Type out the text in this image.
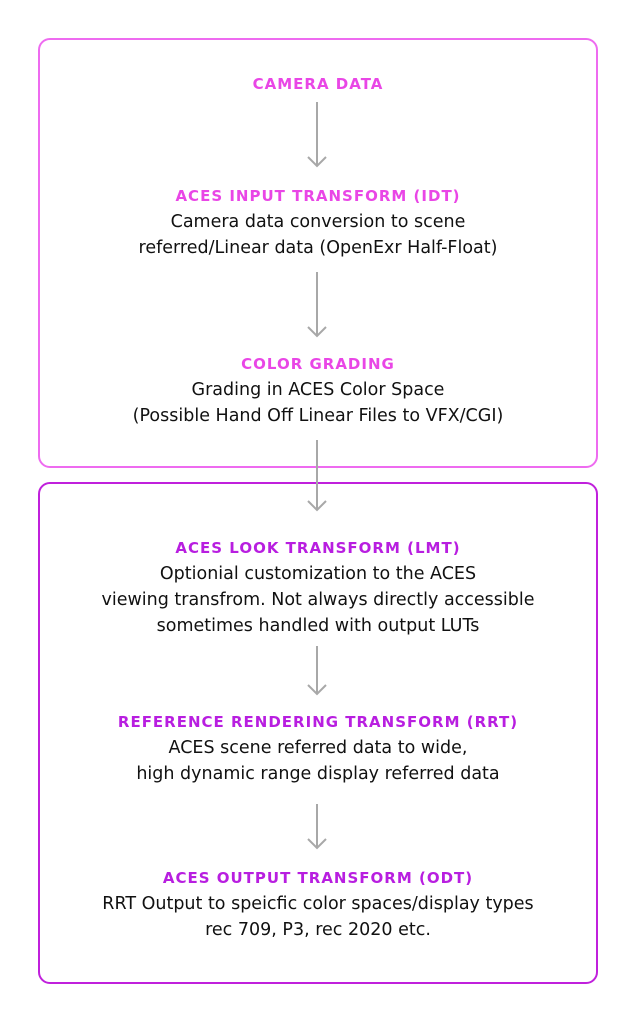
CAMERA DATA
ACES INPUT TRANSFORM (IDT)
Camera data conversion to scene
referred/Linear data (OpenExr Half-Float)
COLOR GRADING
Grading in ACES Color Space
(Possible Hand Off Linear Files to VFX/CGI)
ACES LOOK TRANSFORM (LMT)
Optionial customization to the ACES
viewing transfrom. Not always directly accessible
sometimes handled with output LUTs
REFERENCE RENDERING TRANSFORM (RRT)
ACES scene referred data to wide,
high dynamic range display referred data
ACES OUTPUT TRANSFORM (ODT)
RRT Output to speicfic color spaces/display types
rec 709, P3, rec 2020 etc.
